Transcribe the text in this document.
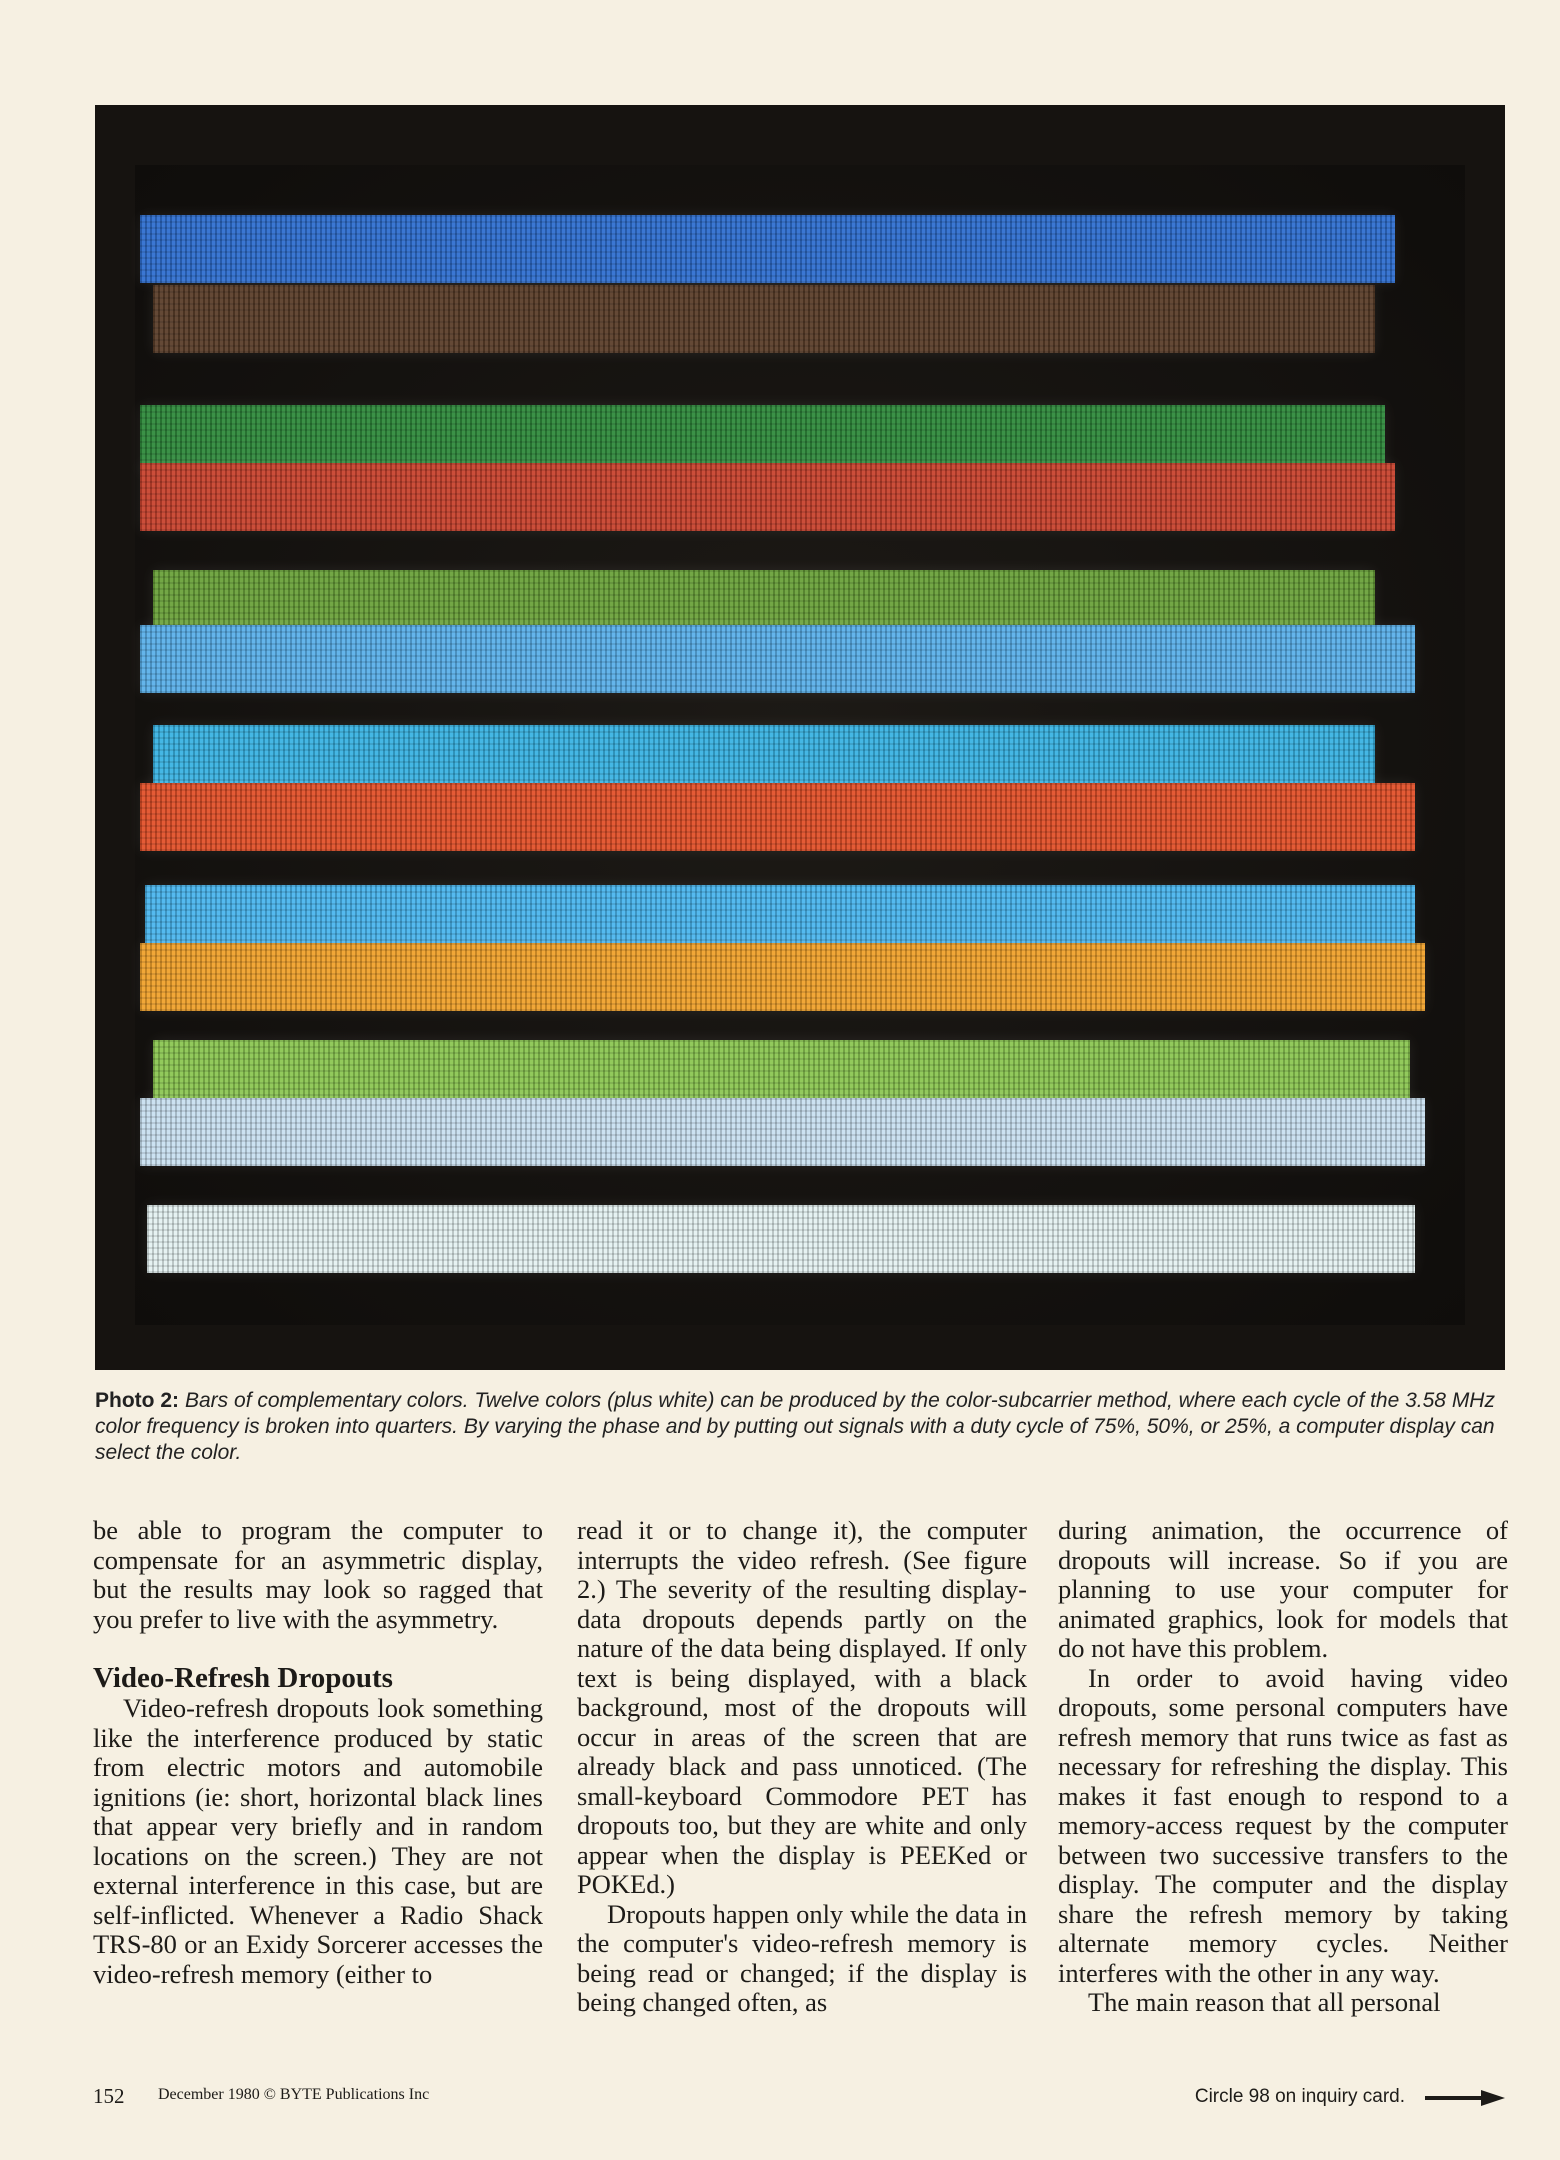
Photo 2: Bars of complementary colors. Twelve colors (plus white) can be produced by the color-subcarrier method, where each cycle of the 3.58 MHz color frequency is broken into quarters. By varying the phase and by putting out signals with a duty cycle of 75%, 50%, or 25%, a computer display can select the color.

be able to program the computer to compensate for an asymmetric display, but the results may look so ragged that you prefer to live with the asymmetry.

Video-Refresh Dropouts

Video-refresh dropouts look something like the interference produced by static from electric motors and automobile ignitions (ie: short, horizontal black lines that appear very briefly and in random locations on the screen.) They are not external interference in this case, but are self-inflicted. Whenever a Radio Shack TRS-80 or an Exidy Sorcerer accesses the video-refresh memory (either to

read it or to change it), the computer interrupts the video refresh. (See figure 2.) The severity of the resulting display-data dropouts depends partly on the nature of the data being displayed. If only text is being displayed, with a black background, most of the dropouts will occur in areas of the screen that are already black and pass unnoticed. (The small-keyboard Commodore PET has dropouts too, but they are white and only appear when the display is PEEKed or POKEd.)

Dropouts happen only while the data in the computer's video-refresh memory is being read or changed; if the display is being changed often, as

during animation, the occurrence of dropouts will increase. So if you are planning to use your computer for animated graphics, look for models that do not have this problem.

In order to avoid having video dropouts, some personal computers have refresh memory that runs twice as fast as necessary for refreshing the display. This makes it fast enough to respond to a memory-access request by the computer between two successive transfers to the display. The computer and the display share the refresh memory by taking alternate memory cycles. Neither interferes with the other in any way.

The main reason that all personal

152 December 1980 © BYTE Publications Inc	Circle 98 on inquiry card.
